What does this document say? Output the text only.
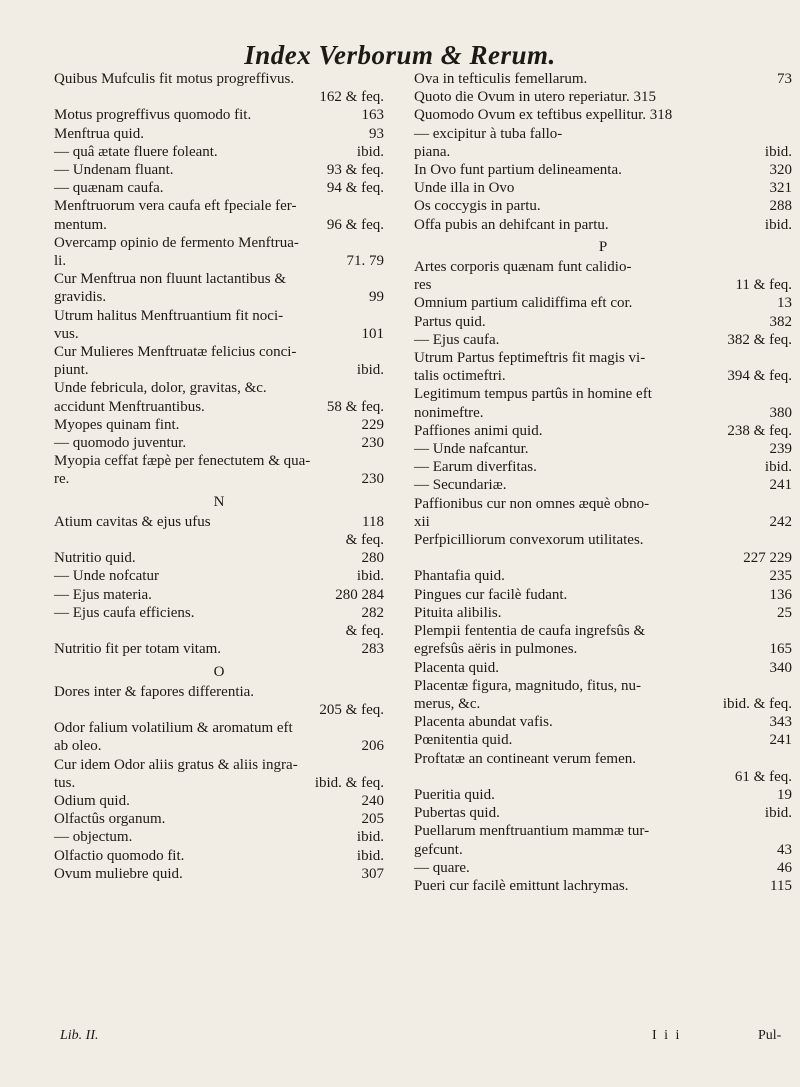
Index Verborum & Rerum.
Quibus Mufculis fit motus progreffivus.
162 & feq.
Motus progreffivus quomodo fit.	163
Menftrua quid.	93
— quâ ætate fluere foleant.	ibid.
— Undenam fluant.	93 & feq.
— quænam caufa.	94 & feq.
Menftruorum vera caufa eft fpeciale fer-
mentum.	96 & feq.
Overcamp opinio de fermento Menftrua-
li.	71. 79
Cur Menftrua non fluunt lactantibus &
gravidis.	99
Utrum halitus Menftruantium fit noci-
vus.	101
Cur Mulieres Menftruatæ felicius conci-
piunt.	ibid.
Unde febricula, dolor, gravitas, &c.
accidunt Menftruantibus.	58 & feq.
Myopes quinam fint.	229
— quomodo juventur.	230
Myopia ceffat fæpè per fenectutem & qua-
re.	230
N
Atium cavitas & ejus ufus	118
& feq.
Nutritio quid.	280
— Unde nofcatur	ibid.
— Ejus materia.	280 284
— Ejus caufa efficiens.	282
& feq.
Nutritio fit per totam vitam.	283
O
Dores inter & fapores differentia.
205 & feq.
Odor falium volatilium & aromatum eft
ab oleo.	206
Cur idem Odor aliis gratus & aliis ingra-
tus.	ibid. & feq.
Odium quid.	240
Olfactûs organum.	205
— objectum.	ibid.
Olfactio quomodo fit.	ibid.
Ovum muliebre quid.	307
Ova in tefticulis femellarum.	73
Quoto die Ovum in utero reperiatur. 315
Quomodo Ovum ex teftibus expellitur. 318
— excipitur à tuba fallo-
piana.	ibid.
In Ovo funt partium delineamenta.	320
Unde illa in Ovo	321
Os coccygis in partu.	288
Offa pubis an dehifcant in partu.	ibid.
P
Artes corporis quænam funt calidio-
res	11 & feq.
Omnium partium calidiffima eft cor.	13
Partus quid.	382
— Ejus caufa.	382 & feq.
Utrum Partus feptimeftris fit magis vi-
talis octimeftri.	394 & feq.
Legitimum tempus partûs in homine eft
nonimeftre.	380
Paffiones animi quid.	238 & feq.
— Unde nafcantur.	239
— Earum diverfitas.	ibid.
— Secundariæ.	241
Paffionibus cur non omnes æquè obno-
xii	242
Perfpicilliorum convexorum utilitates.
227 229
Phantafia quid.	235
Pingues cur facilè fudant.	136
Pituita alibilis.	25
Plempii fententia de caufa ingrefsûs &
egrefsûs aëris in pulmones.	165
Placenta quid.	340
Placentæ figura, magnitudo, fitus, nu-
merus, &c.	ibid. & feq.
Placenta abundat vafis.	343
Pœnitentia quid.	241
Proftatæ an contineant verum femen.
61 & feq.
Pueritia quid.	19
Pubertas quid.	ibid.
Puellarum menftruantium mammæ tur-
gefcunt.	43
— quare.	46
Pueri cur facilè emittunt lachrymas.	115
Lib. II.	I i i	Pul-
